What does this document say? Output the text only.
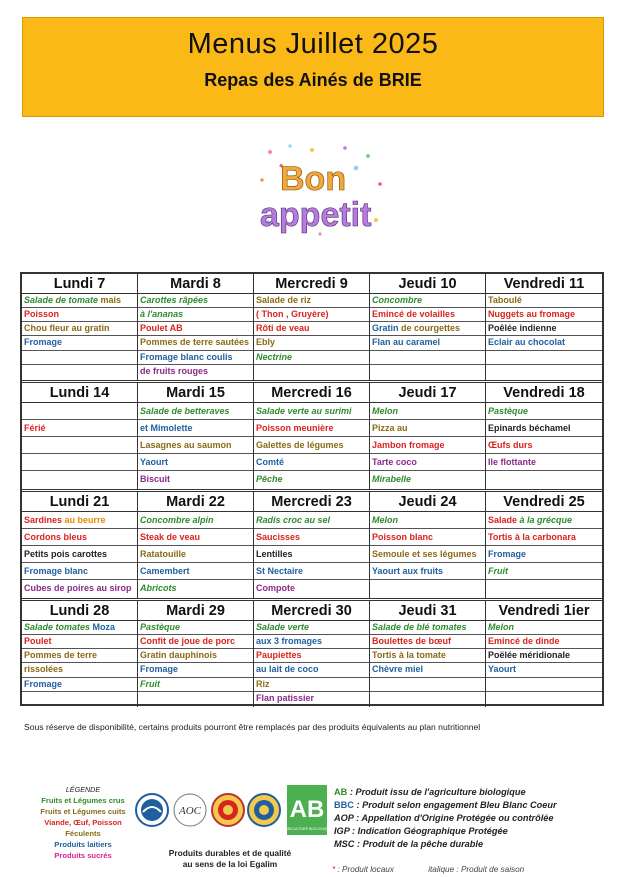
Menus Juillet 2025
Repas des Ainés de BRIE
Bon
appetit
Lundi 7
Salade de tomate mais
Poisson
Chou fleur au gratin
Fromage
Mardi 8
Carottes râpées
à l'ananas
Poulet AB
Pommes de terre sautées
Fromage blanc coulis
de fruits rouges
Mercredi 9
Salade de riz
( Thon , Gruyère)
Rôti de veau
Ebly
Nectrine
Jeudi 10
Concombre
Emincé de volailles
Gratin de courgettes
Flan au caramel
Vendredi 11
Taboulé
Nuggets au fromage
Poêlée indienne
Eclair au chocolat
Lundi 14
Férié
Mardi 15
Salade de betteraves
et Mimolette
Lasagnes au saumon
Yaourt
Biscuit
Mercredi 16
Salade verte au surimi
Poisson meunière
Galettes de légumes
Comté
Pêche
Jeudi 17
Melon
Pizza au
Jambon fromage
Tarte coco
Mirabelle
Vendredi 18
Pastèque
Epinards béchamel
Œufs durs
Ile flottante
Lundi 21
Sardines au beurre
Cordons bleus
Petits pois carottes
Fromage blanc
Cubes de poires au sirop
Mardi 22
Concombre alpin
Steak de veau
Ratatouille
Camembert
Abricots
Mercredi 23
Radis croc au sel
Saucisses
Lentilles
St Nectaire
Compote
Jeudi 24
Melon
Poisson blanc
Semoule et ses légumes
Yaourt aux fruits
Vendredi 25
Salade à la grécque
Tortis à la carbonara
Fromage
Fruit
Lundi 28
Salade tomates Moza
Poulet
Pommes de terre
rissolées
Fromage
Mardi 29
Pastèque
Confit de joue de porc
Gratin dauphinois
Fromage
Fruit
Mercredi 30
Salade verte
aux 3 fromages
Paupiettes
au lait de coco
Riz
Flan patissier
Jeudi 31
Salade de blé tomates
Boulettes de bœuf
Tortis à la tomate
Chèvre miel
Vendredi 1ier
Melon
Emincé de dinde
Poëlée méridionale
Yaourt
Sous réserve de disponibilité, certains produits pourront être remplacés par des produits équivalents au plan nutritionnel
LÉGENDE
Fruits et Légumes crus
Fruits et Légumes cuits
Viande, Œuf, Poisson
Féculents
Produits laitiers
Produits sucrés
AOC	AB
AGRICULTURE BIOLOGIQUE
Produits durables et de qualité
au sens de la loi Egalim
AB : Produit issu de l'agriculture biologique
BBC : Produit selon engagement Bleu Blanc Coeur
AOP : Appellation d'Origine Protégée ou contrôlée
IGP : Indication Géographique Protégée
MSC : Produit de la pêche durable
* : Produit locaux	italique : Produit de saison
